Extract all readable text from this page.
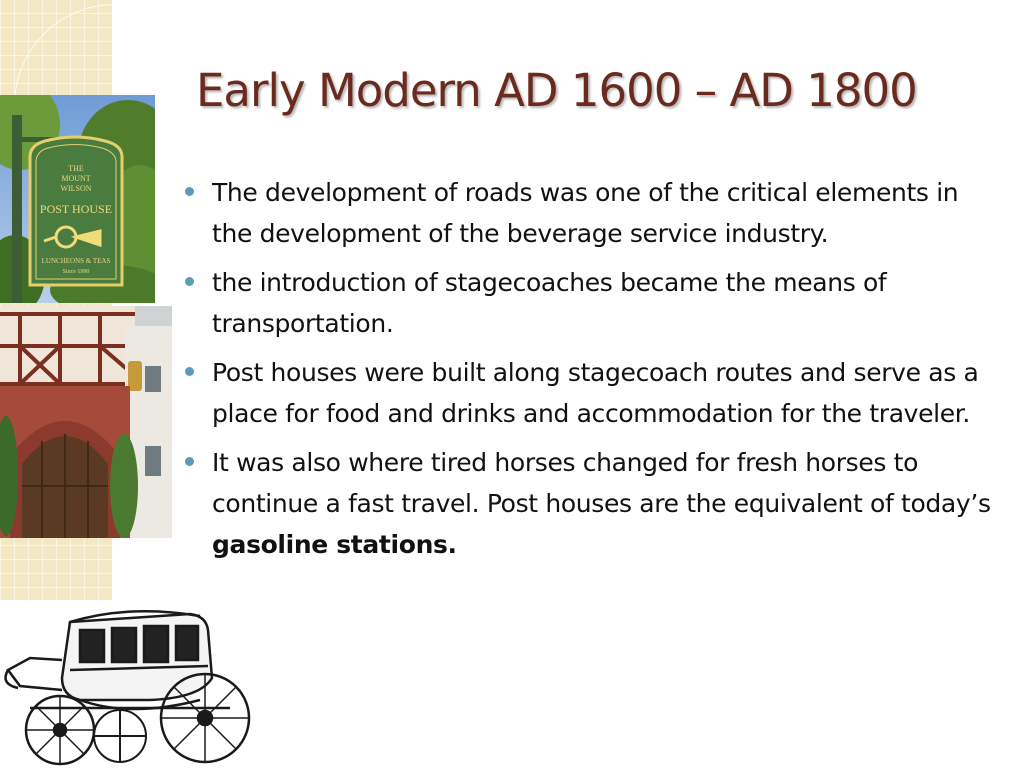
THE
MOUNT
WILSON
POST HOUSE
LUNCHEONS & TEAS
Since 1990
Early Modern AD 1600 – AD 1800
The development of roads was one of the critical elements in the development of the beverage service industry.
the introduction of stagecoaches became the means of transportation.
Post houses were built along stagecoach routes and serve as a place for food and drinks and accommodation for the traveler.
It was also where tired horses changed for fresh horses to continue a fast travel. Post houses are the equivalent of today’s gasoline stations.
